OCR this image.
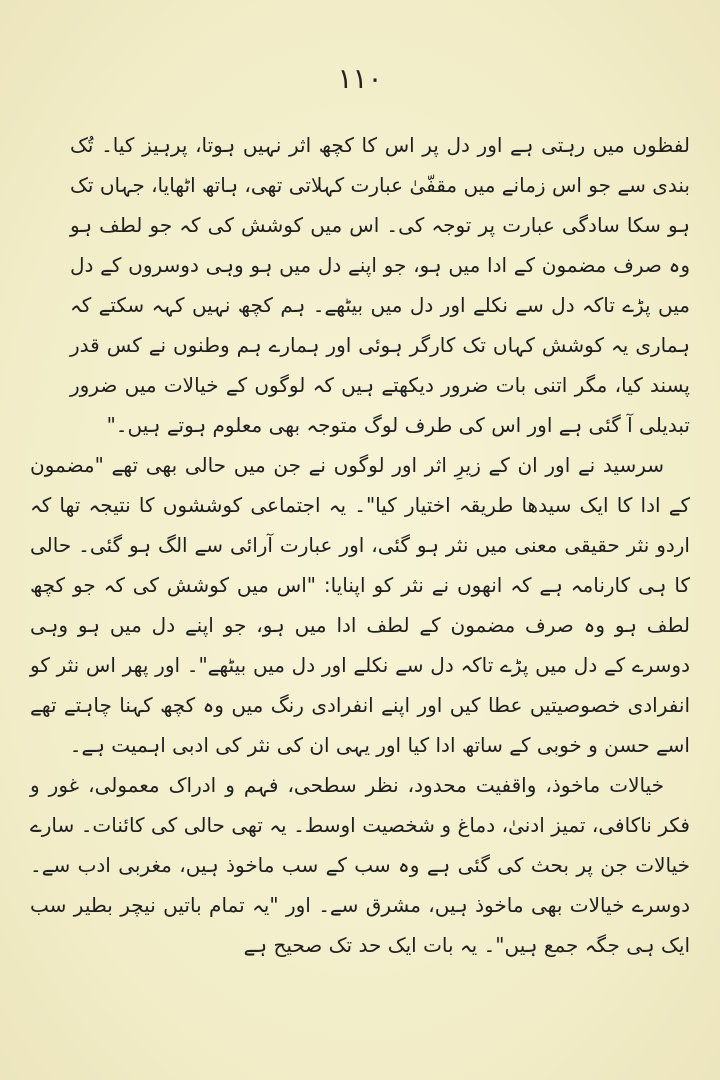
١١٠

لفظوں میں رہتی ہے اور دل پر اس کا کچھ اثر نہیں ہوتا، پرہیز کیا۔ تُک بندی سے جو اس زمانے میں مقفّیٰ عبارت کہلاتی تھی، ہاتھ اٹھایا، جہاں تک ہو سکا سادگی عبارت پر توجہ کی۔ اس میں کوشش کی کہ جو لطف ہو وہ صرف مضمون کے ادا میں ہو، جو اپنے دل میں ہو وہی دوسروں کے دل میں پڑے تاکہ دل سے نکلے اور دل میں بیٹھے۔ ہم کچھ نہیں کہہ سکتے کہ ہماری یہ کوشش کہاں تک کارگر ہوئی اور ہمارے ہم وطنوں نے کس قدر پسند کیا، مگر اتنی بات ضرور دیکھتے ہیں کہ لوگوں کے خیالات میں ضرور تبدیلی آ گئی ہے اور اس کی طرف لوگ متوجہ بھی معلوم ہوتے ہیں۔"

سرسید نے اور ان کے زیرِ اثر اور لوگوں نے جن میں حالی بھی تھے "مضمون کے ادا کا ایک سیدھا طریقہ اختیار کیا"۔ یہ اجتماعی کوششوں کا نتیجہ تھا کہ اردو نثر حقیقی معنی میں نثر ہو گئی، اور عبارت آرائی سے الگ ہو گئی۔ حالی کا ہی کارنامہ ہے کہ انھوں نے نثر کو اپنایا: "اس میں کوشش کی کہ جو کچھ لطف ہو وہ صرف مضمون کے لطف ادا میں ہو، جو اپنے دل میں ہو وہی دوسرے کے دل میں پڑے تاکہ دل سے نکلے اور دل میں بیٹھے"۔ اور پھر اس نثر کو انفرادی خصوصیتیں عطا کیں اور اپنے انفرادی رنگ میں وہ کچھ کہنا چاہتے تھے اسے حسن و خوبی کے ساتھ ادا کیا اور یہی ان کی نثر کی ادبی اہمیت ہے۔

خیالات ماخوذ، واقفیت محدود، نظر سطحی، فہم و ادراک معمولی، غور و فکر ناکافی، تمیز ادنیٰ، دماغ و شخصیت اوسط۔ یہ تھی حالی کی کائنات۔ سارے خیالات جن پر بحث کی گئی ہے وہ سب کے سب ماخوذ ہیں، مغربی ادب سے۔ دوسرے خیالات بھی ماخوذ ہیں، مشرق سے۔ اور "یہ تمام باتیں نیچر بطیر سب ایک ہی جگہ جمع ہیں"۔ یہ بات ایک حد تک صحیح ہے
